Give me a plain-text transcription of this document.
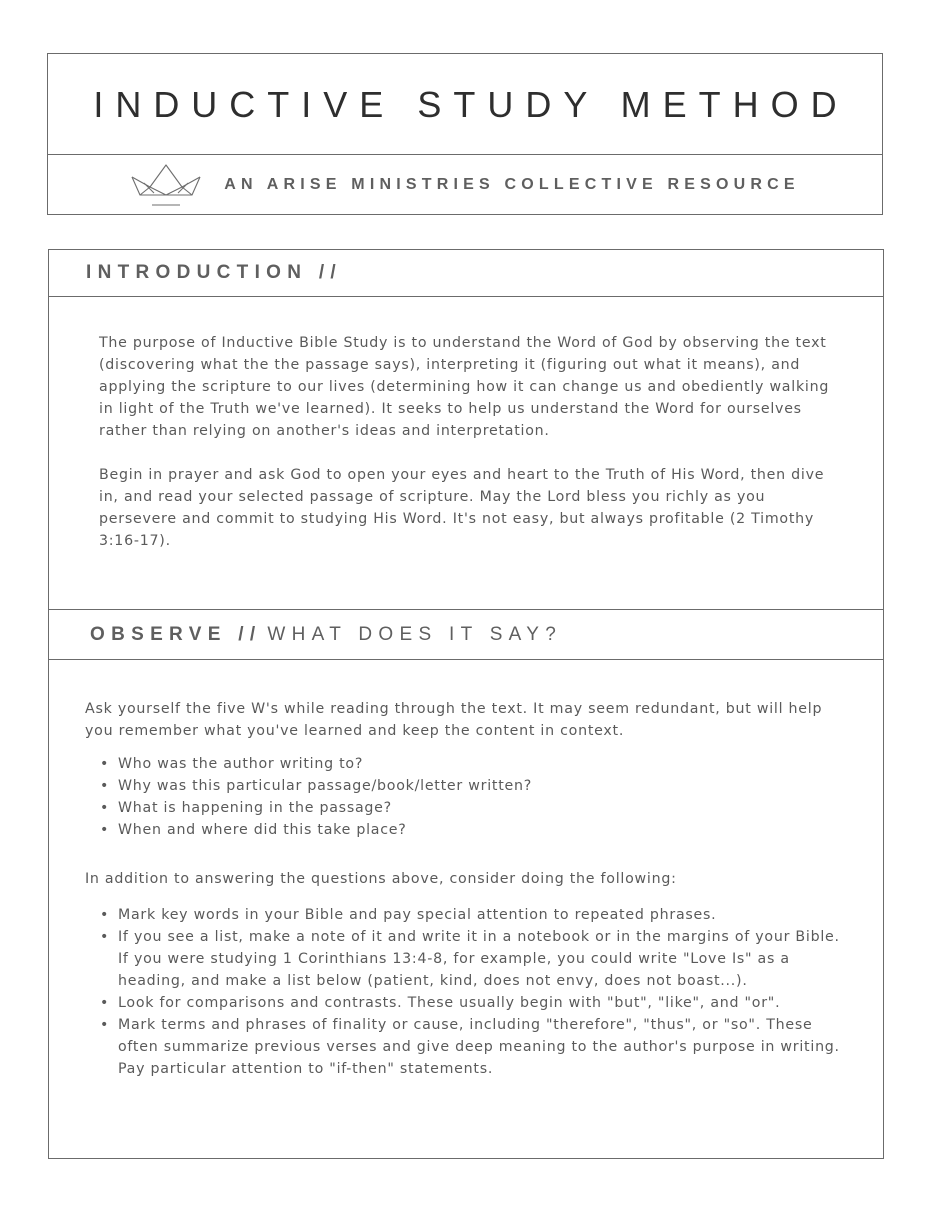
INDUCTIVE STUDY METHOD
AN ARISE MINISTRIES COLLECTIVE RESOURCE
INTRODUCTION //

The purpose of Inductive Bible Study is to understand the Word of God by observing the text (discovering what the the passage says), interpreting it (figuring out what it means), and applying the scripture to our lives (determining how it can change us and obediently walking in light of the Truth we've learned). It seeks to help us understand the Word for ourselves rather than relying on another's ideas and interpretation.

Begin in prayer and ask God to open your eyes and heart to the Truth of His Word, then dive in, and read your selected passage of scripture. May the Lord bless you richly as you persevere and commit to studying His Word. It's not easy, but always profitable (2 Timothy 3:16-17).

OBSERVE // WHAT DOES IT SAY?

Ask yourself the five W's while reading through the text. It may seem redundant, but will help you remember what you've learned and keep the content in context.

• Who was the author writing to?
• Why was this particular passage/book/letter written?
• What is happening in the passage?
• When and where did this take place?

In addition to answering the questions above, consider doing the following:

• Mark key words in your Bible and pay special attention to repeated phrases.
• If you see a list, make a note of it and write it in a notebook or in the margins of your Bible. If you were studying 1 Corinthians 13:4-8, for example, you could write "Love Is" as a heading, and make a list below (patient, kind, does not envy, does not boast...).
• Look for comparisons and contrasts. These usually begin with "but", "like", and "or".
• Mark terms and phrases of finality or cause, including "therefore", "thus", or "so". These often summarize previous verses and give deep meaning to the author's purpose in writing. Pay particular attention to "if-then" statements.
